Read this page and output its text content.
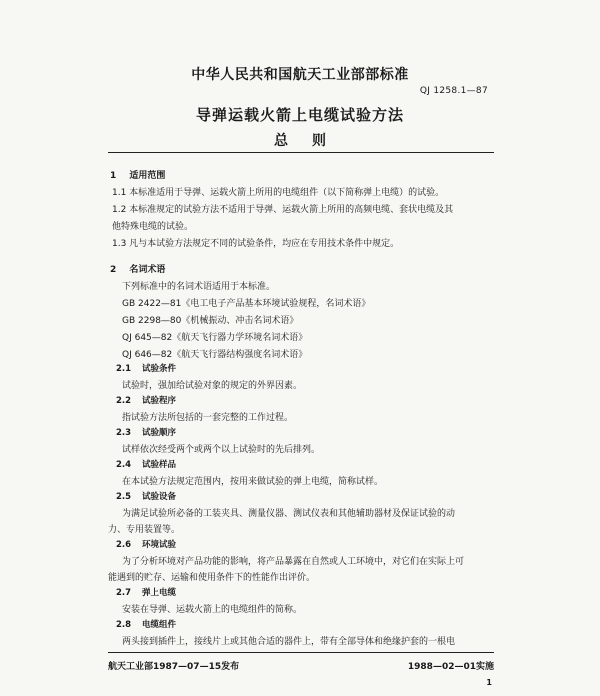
中华人民共和国航天工业部部标准
QJ 1258.1—87
导弹运载火箭上电缆试验方法
总则
1 适用范围
1.1 本标准适用于导弹、运载火箭上所用的电缆组件（以下简称弹上电缆）的试验。
1.2 本标准规定的试验方法不适用于导弹、运载火箭上所用的高频电缆、套状电缆及其
他特殊电缆的试验。
1.3 凡与本试验方法规定不同的试验条件，均应在专用技术条件中规定。
2 名词术语
下列标准中的名词术语适用于本标准。
GB 2422—81《电工电子产品基本环境试验规程，名词术语》
GB 2298—80《机械振动、冲击名词术语》
QJ 645—82《航天飞行器力学环境名词术语》
QJ 646—82《航天飞行器结构强度名词术语》
2.1 试验条件
试验时，强加给试验对象的规定的外界因素。
2.2 试验程序
指试验方法所包括的一套完整的工作过程。
2.3 试验顺序
试样依次经受两个或两个以上试验时的先后排列。
2.4 试验样品
在本试验方法规定范围内，按用来做试验的弹上电缆，简称试样。
2.5 试验设备
为满足试验所必备的工装夹具、测量仪器、测试仪表和其他辅助器材及保证试验的动
力、专用装置等。
2.6 环境试验
为了分析环境对产品功能的影响，将产品暴露在自然或人工环境中，对它们在实际上可
能遇到的贮存、运输和使用条件下的性能作出评价。
2.7 弹上电缆
安装在导弹、运载火箭上的电缆组件的简称。
2.8 电缆组件
两头接到插件上，接线片上或其他合适的器件上，带有全部导体和绝缘护套的一根电
航天工业部1987—07—15发布	1988—02—01实施
1
